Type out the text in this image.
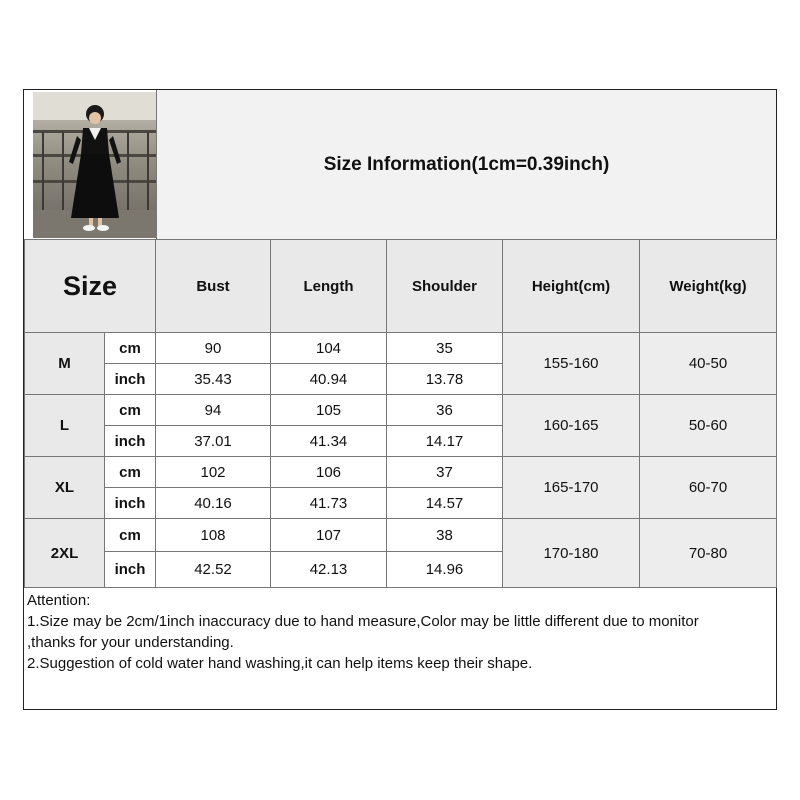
Size Information(1cm=0.39inch)
Size		Bust	Length	Shoulder	Height(cm)	Weight(kg)
M	cm	90	104	35	155-160	40-50
	inch	35.43	40.94	13.78		
L	cm	94	105	36	160-165	50-60
	inch	37.01	41.34	14.17		
XL	cm	102	106	37	165-170	60-70
	inch	40.16	41.73	14.57		
2XL	cm	108	107	38	170-180	70-80
	inch	42.52	42.13	14.96		
Attention:
1.Size may be 2cm/1inch inaccuracy due to hand measure,Color may be little different due to monitor
,thanks for your understanding.
2.Suggestion of cold water hand washing,it can help items keep their shape.
